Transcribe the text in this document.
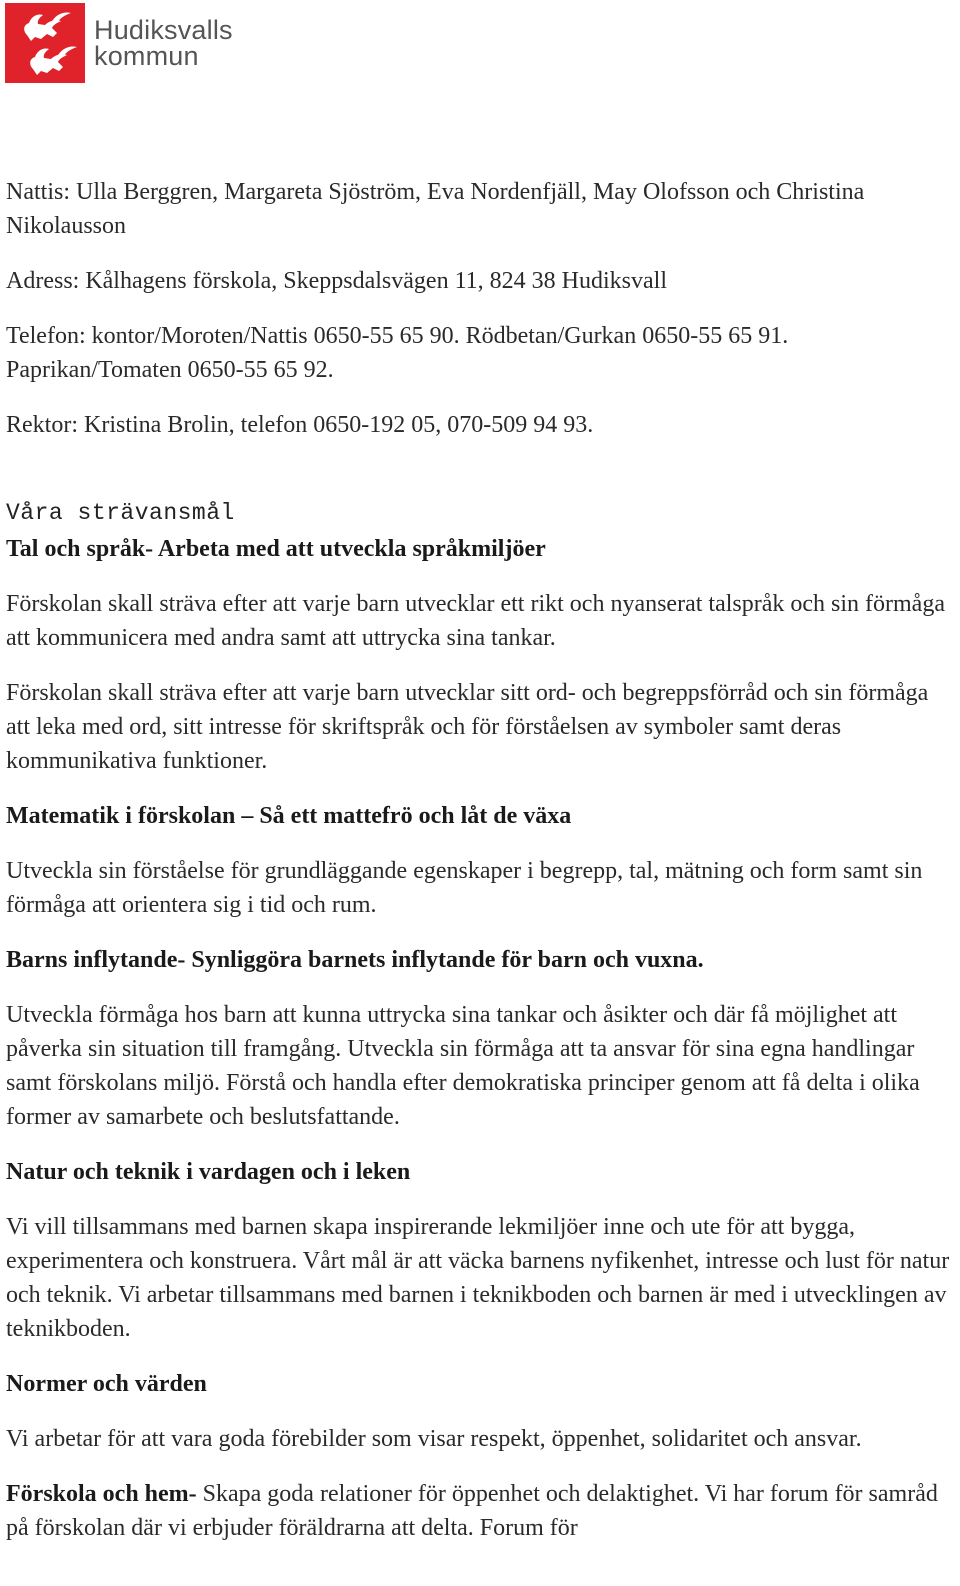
Hudiksvalls
kommun

Nattis: Ulla Berggren, Margareta Sjöström, Eva Nordenfjäll, May Olofsson och Christina Nikolausson

Adress: Kålhagens förskola, Skeppsdalsvägen 11, 824 38 Hudiksvall

Telefon: kontor/Moroten/Nattis 0650-55 65 90. Rödbetan/Gurkan 0650-55 65 91. Paprikan/Tomaten 0650-55 65 92.

Rektor: Kristina Brolin, telefon 0650-192 05, 070-509 94 93.

Våra strävansmål
Tal och språk- Arbeta med att utveckla språkmiljöer

Förskolan skall sträva efter att varje barn utvecklar ett rikt och nyanserat talspråk och sin förmåga att kommunicera med andra samt att uttrycka sina tankar.

Förskolan skall sträva efter att varje barn utvecklar sitt ord- och begreppsförråd och sin förmåga att leka med ord, sitt intresse för skriftspråk och för förståelsen av symboler samt deras kommunikativa funktioner.

Matematik i förskolan – Så ett mattefrö och låt de växa

Utveckla sin förståelse för grundläggande egenskaper i begrepp, tal, mätning och form samt sin förmåga att orientera sig i tid och rum.

Barns inflytande- Synliggöra barnets inflytande för barn och vuxna.

Utveckla förmåga hos barn att kunna uttrycka sina tankar och åsikter och där få möjlighet att påverka sin situation till framgång. Utveckla sin förmåga att ta ansvar för sina egna handlingar samt förskolans miljö. Förstå och handla efter demokratiska principer genom att få delta i olika former av samarbete och beslutsfattande.

Natur och teknik i vardagen och i leken

Vi vill tillsammans med barnen skapa inspirerande lekmiljöer inne och ute för att bygga, experimentera och konstruera. Vårt mål är att väcka barnens nyfikenhet, intresse och lust för natur och teknik. Vi arbetar tillsammans med barnen i teknikboden och barnen är med i utvecklingen av teknikboden.

Normer och värden

Vi arbetar för att vara goda förebilder som visar respekt, öppenhet, solidaritet och ansvar.

Förskola och hem- Skapa goda relationer för öppenhet och delaktighet. Vi har forum för samråd på förskolan där vi erbjuder föräldrarna att delta. Forum för
